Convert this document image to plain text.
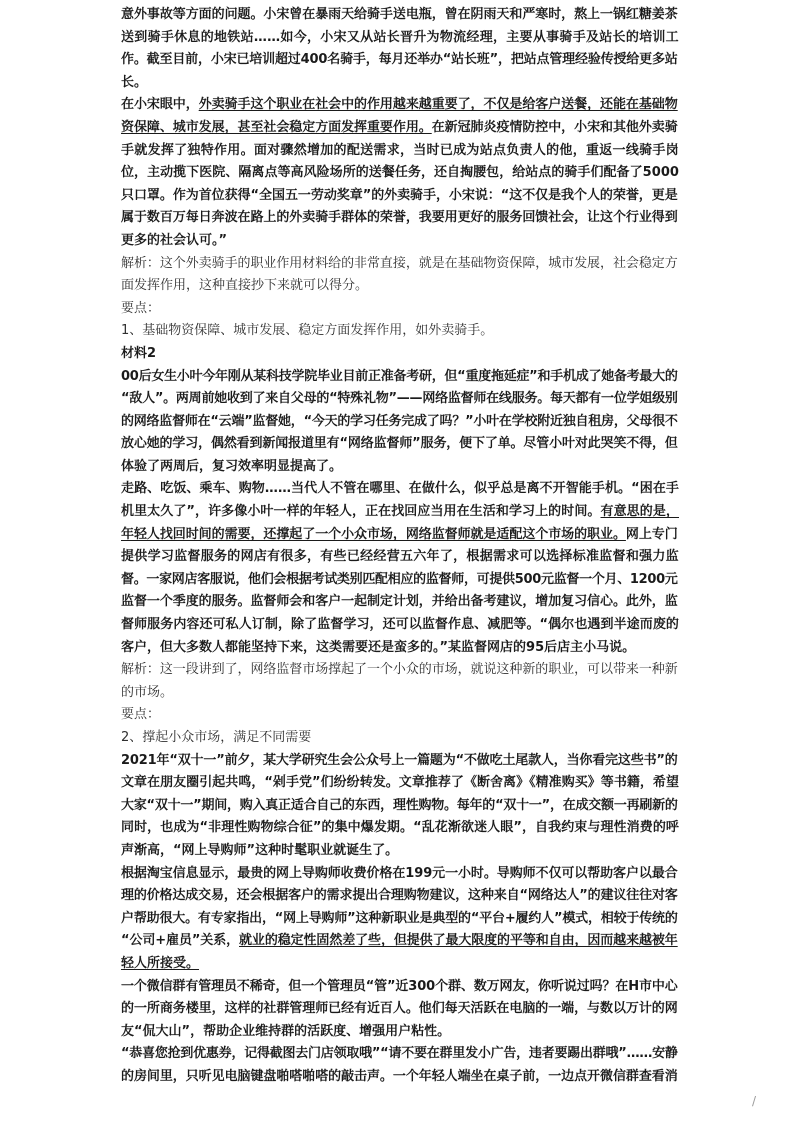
意外事故等方面的问题。小宋曾在暴雨天给骑手送电瓶，曾在阴雨天和严寒时，熬上一锅红糖姜茶
送到骑手休息的地铁站……如今，小宋又从站长晋升为物流经理，主要从事骑手及站长的培训工
作。截至目前，小宋已培训超过400名骑手，每月还举办“站长班”，把站点管理经验传授给更多站
长。
在小宋眼中，外卖骑手这个职业在社会中的作用越来越重要了，不仅是给客户送餐，还能在基础物
资保障、城市发展，甚至社会稳定方面发挥重要作用。在新冠肺炎疫情防控中，小宋和其他外卖骑
手就发挥了独特作用。面对骤然增加的配送需求，当时已成为站点负责人的他，重返一线骑手岗
位，主动揽下医院、隔离点等高风险场所的送餐任务，还自掏腰包，给站点的骑手们配备了5000
只口罩。作为首位获得“全国五一劳动奖章”的外卖骑手，小宋说：“这不仅是我个人的荣誉，更是
属于数百万每日奔波在路上的外卖骑手群体的荣誉，我要用更好的服务回馈社会，让这个行业得到
更多的社会认可。”
解析：这个外卖骑手的职业作用材料给的非常直接，就是在基础物资保障，城市发展，社会稳定方
面发挥作用，这种直接抄下来就可以得分。
要点：
1、基础物资保障、城市发展、稳定方面发挥作用，如外卖骑手。
材料2
00后女生小叶今年刚从某科技学院毕业目前正准备考研，但“重度拖延症”和手机成了她备考最大的
“敌人”。两周前她收到了来自父母的“特殊礼物”——网络监督师在线服务。每天都有一位学姐级别
的网络监督师在“云端”监督她，“今天的学习任务完成了吗？”小叶在学校附近独自租房，父母很不
放心她的学习，偶然看到新闻报道里有“网络监督师”服务，便下了单。尽管小叶对此哭笑不得，但
体验了两周后，复习效率明显提高了。
走路、吃饭、乘车、购物……当代人不管在哪里、在做什么，似乎总是离不开智能手机。“困在手
机里太久了”，许多像小叶一样的年轻人，正在找回应当用在生活和学习上的时间。有意思的是，
年轻人找回时间的需要，还撑起了一个小众市场，网络监督师就是适配这个市场的职业。网上专门
提供学习监督服务的网店有很多，有些已经经营五六年了，根据需求可以选择标准监督和强力监
督。一家网店客服说，他们会根据考试类别匹配相应的监督师，可提供500元监督一个月、1200元
监督一个季度的服务。监督师会和客户一起制定计划，并给出备考建议，增加复习信心。此外，监
督师服务内容还可私人订制，除了监督学习，还可以监督作息、减肥等。“偶尔也遇到半途而废的
客户，但大多数人都能坚持下来，这类需要还是蛮多的。”某监督网店的95后店主小马说。
解析：这一段讲到了，网络监督市场撑起了一个小众的市场，就说这种新的职业，可以带来一种新
的市场。
要点：
2、撑起小众市场，满足不同需要
2021年“双十一”前夕，某大学研究生会公众号上一篇题为“不做吃土尾款人，当你看完这些书”的
文章在朋友圈引起共鸣，“剁手党”们纷纷转发。文章推荐了《断舍离》《精准购买》等书籍，希望
大家“双十一”期间，购入真正适合自己的东西，理性购物。每年的“双十一”，在成交额一再刷新的
同时，也成为“非理性购物综合征”的集中爆发期。“乱花渐欲迷人眼”，自我约束与理性消费的呼
声渐高，“网上导购师”这种时髦职业就诞生了。
根据淘宝信息显示，最贵的网上导购师收费价格在199元一小时。导购师不仅可以帮助客户以最合
理的价格达成交易，还会根据客户的需求提出合理购物建议，这种来自“网络达人”的建议往往对客
户帮助很大。有专家指出，“网上导购师”这种新职业是典型的“平台+履约人”模式，相较于传统的
“公司+雇员”关系，就业的稳定性固然差了些，但提供了最大限度的平等和自由，因而越来越被年
轻人所接受。
一个微信群有管理员不稀奇，但一个管理员“管”近300个群、数万网友，你听说过吗？在H市中心
的一所商务楼里，这样的社群管理师已经有近百人。他们每天活跃在电脑的一端，与数以万计的网
友“侃大山”，帮助企业维持群的活跃度、增强用户粘性。
“恭喜您抢到优惠券，记得截图去门店领取哦”“请不要在群里发小广告，违者要踢出群哦”……安静
的房间里，只听见电脑键盘啪嗒啪嗒的敲击声。一个年轻人端坐在桌子前，一边点开微信群查看消
/
